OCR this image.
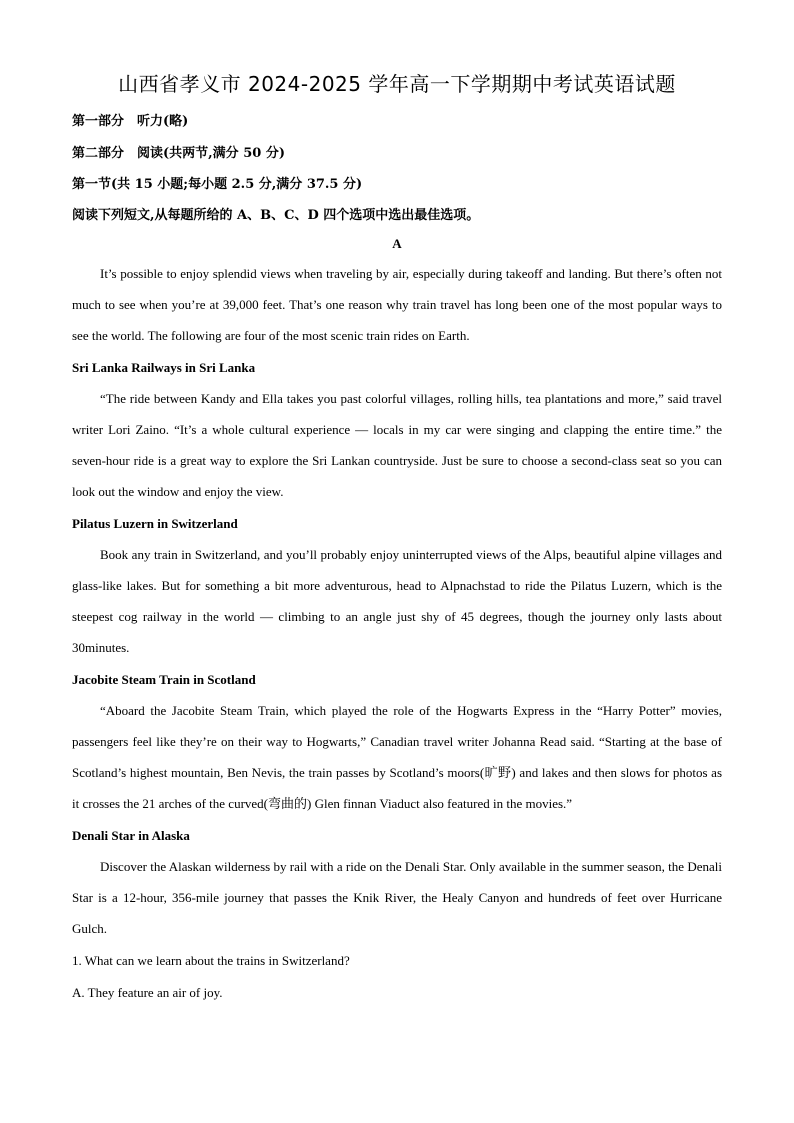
山西省孝义市 2024-2025 学年高一下学期期中考试英语试题
第一部分　听力(略)
第二部分　阅读(共两节,满分 50 分)
第一节(共 15 小题;每小题 2.5 分,满分 37.5 分)
阅读下列短文,从每题所给的 A、B、C、D 四个选项中选出最佳选项。
A
It’s possible to enjoy splendid views when traveling by air, especially during takeoff and landing. But there’s often not much to see when you’re at 39,000 feet. That’s one reason why train travel has long been one of the most popular ways to see the world. The following are four of the most scenic train rides on Earth.
Sri Lanka Railways in Sri Lanka
“The ride between Kandy and Ella takes you past colorful villages, rolling hills, tea plantations and more,” said travel writer Lori Zaino. “It’s a whole cultural experience — locals in my car were singing and clapping the entire time.” the seven-hour ride is a great way to explore the Sri Lankan countryside. Just be sure to choose a second-class seat so you can look out the window and enjoy the view.
Pilatus Luzern in Switzerland
Book any train in Switzerland, and you’ll probably enjoy uninterrupted views of the Alps, beautiful alpine villages and glass-like lakes. But for something a bit more adventurous, head to Alpnachstad to ride the Pilatus Luzern, which is the steepest cog railway in the world — climbing to an angle just shy of 45 degrees, though the journey only lasts about 30minutes.
Jacobite Steam Train in Scotland
“Aboard the Jacobite Steam Train, which played the role of the Hogwarts Express in the “Harry Potter” movies, passengers feel like they’re on their way to Hogwarts,” Canadian travel writer Johanna Read said. “Starting at the base of Scotland’s highest mountain, Ben Nevis, the train passes by Scotland’s moors(旷野) and lakes and then slows for photos as it crosses the 21 arches of the curved(弯曲的) Glen finnan Viaduct also featured in the movies.”
Denali Star in Alaska
Discover the Alaskan wilderness by rail with a ride on the Denali Star. Only available in the summer season, the Denali Star is a 12-hour, 356-mile journey that passes the Knik River, the Healy Canyon and hundreds of feet over Hurricane Gulch.
1. What can we learn about the trains in Switzerland?
A. They feature an air of joy.
